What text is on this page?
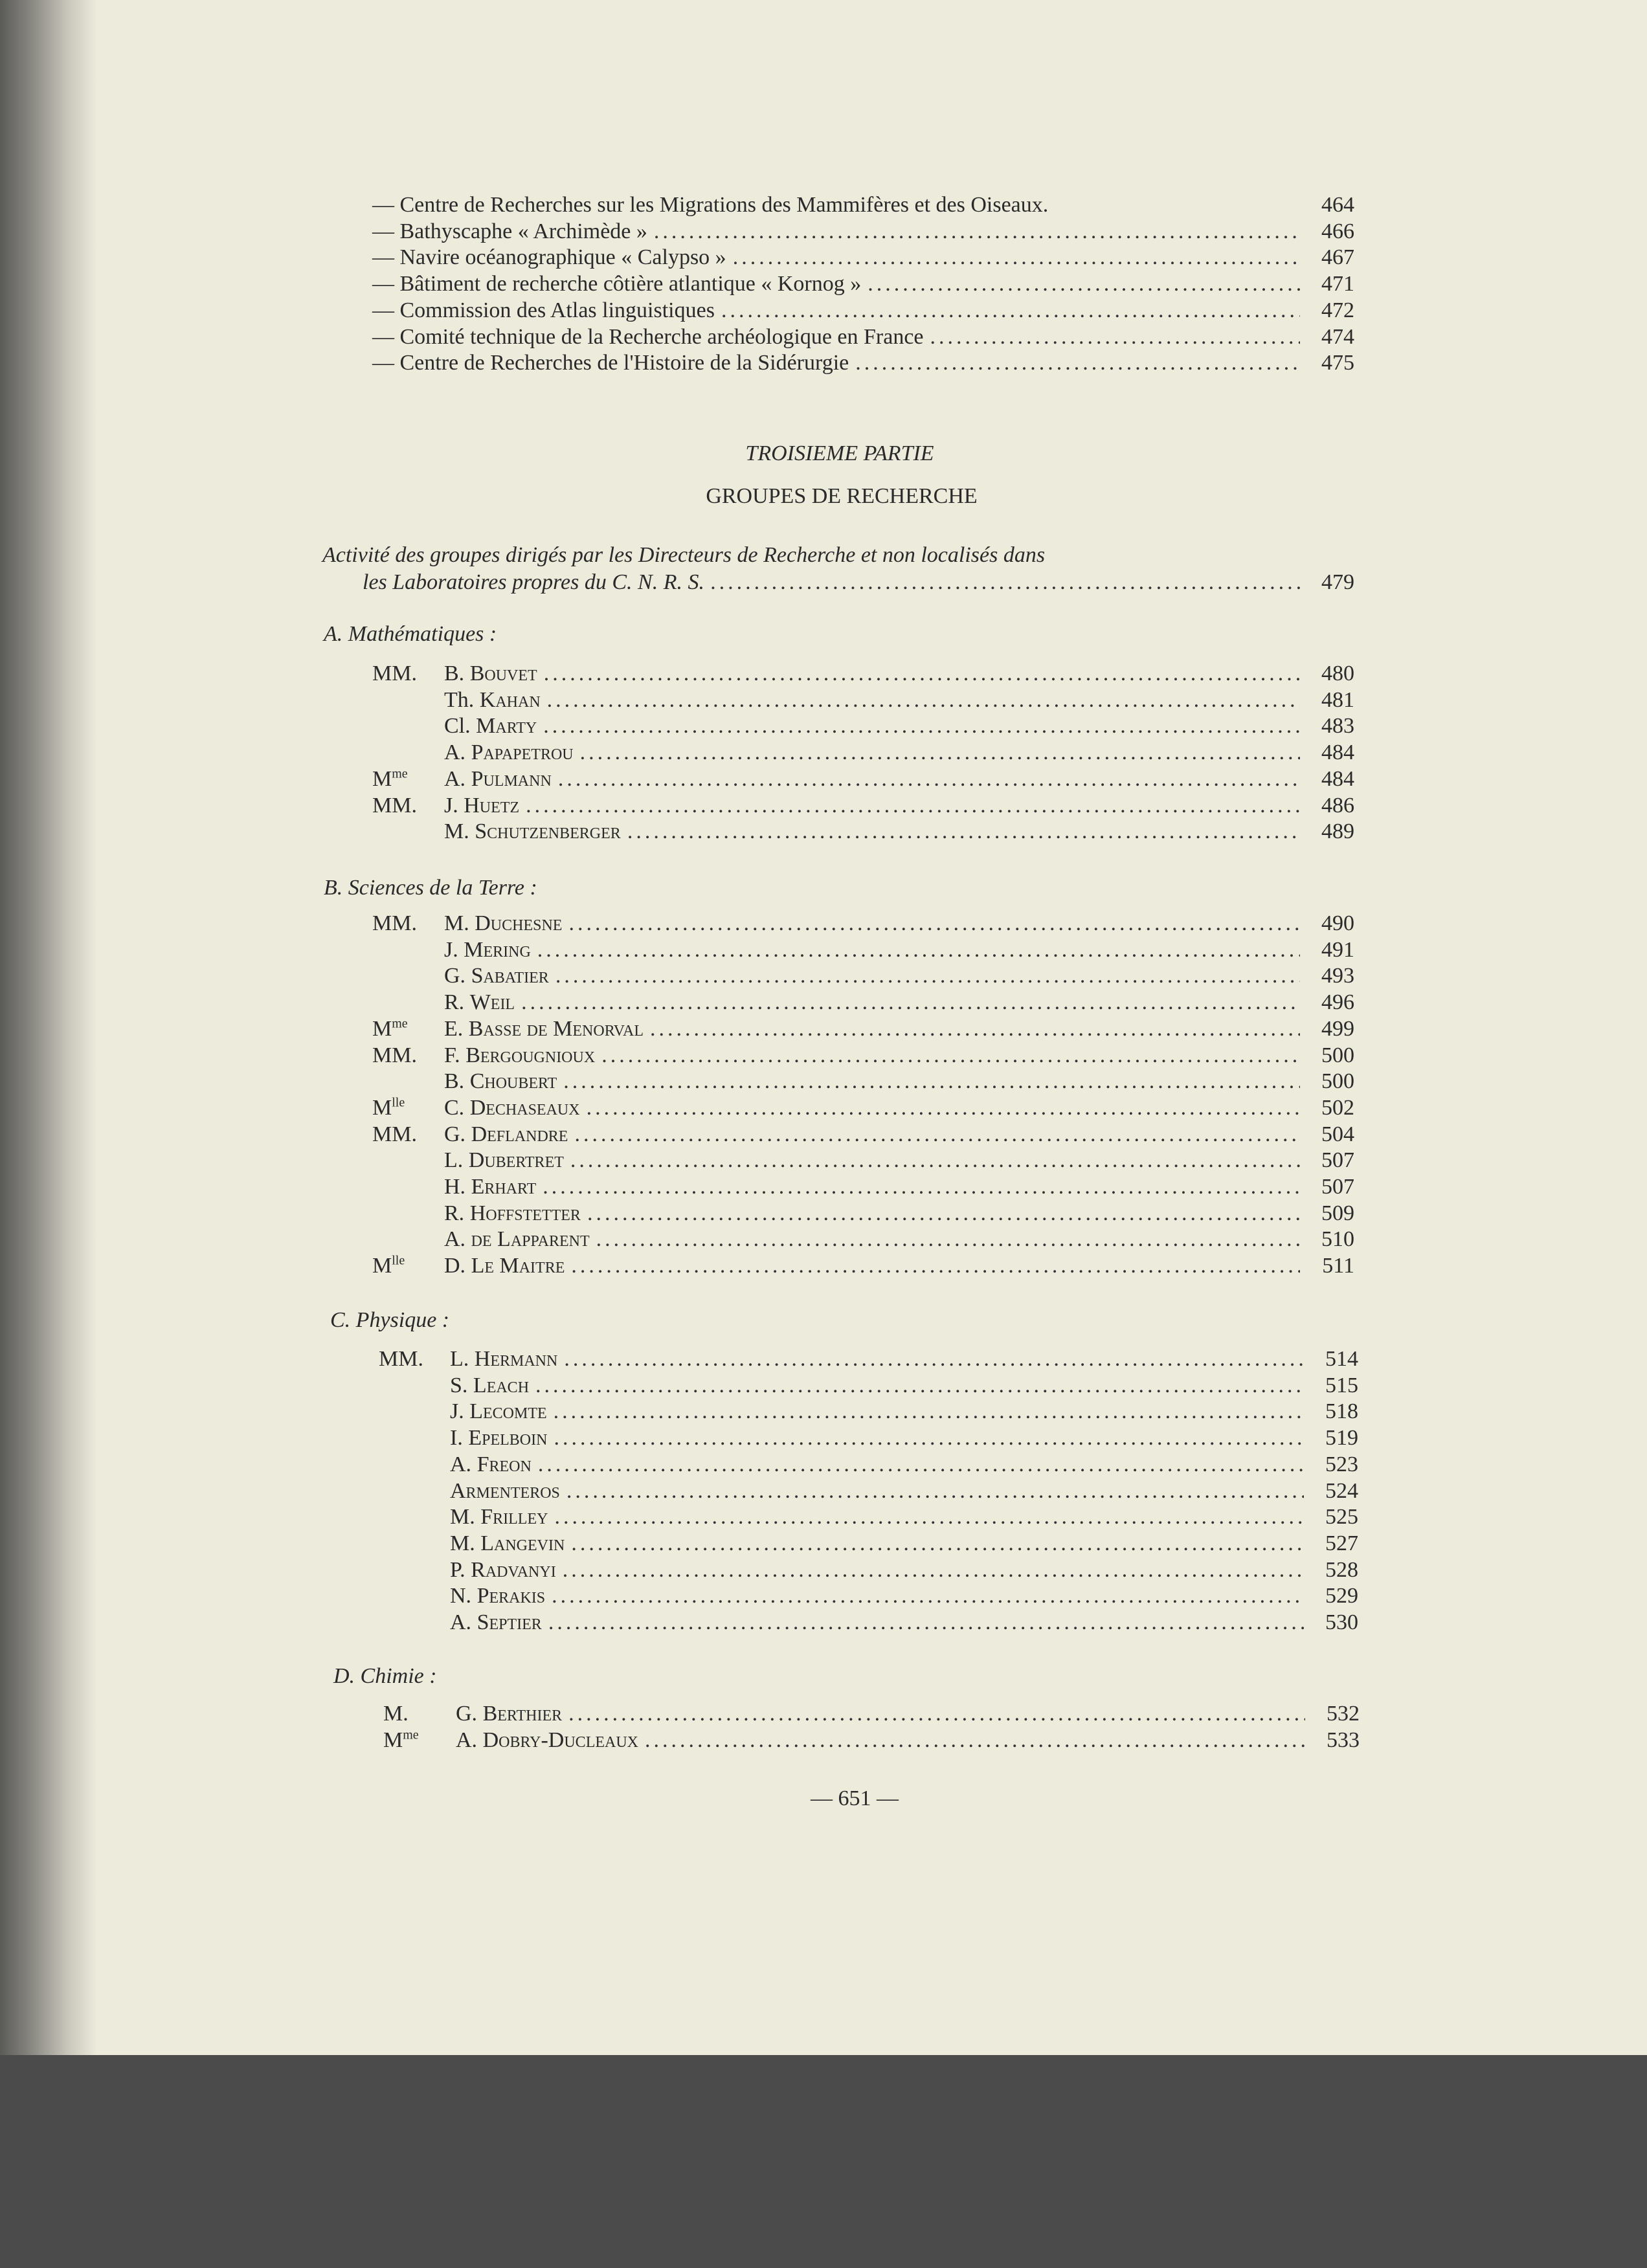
— Centre de Recherches sur les Migrations des Mammifères et des Oiseaux.	464
— Bathyscaphe « Archimède » .....	466
— Navire océanographique « Calypso » .....	467
— Bâtiment de recherche côtière atlantique « Kornog » .....	471
— Commission des Atlas linguistiques .....	472
— Comité technique de la Recherche archéologique en France .....	474
— Centre de Recherches de l'Histoire de la Sidérurgie .....	475
TROISIEME PARTIE
GROUPES DE RECHERCHE
Activité des groupes dirigés par les Directeurs de Recherche et non localisés dans
les Laboratoires propres du C. N. R. S. .....	479
A. Mathématiques :
MM.	B. Bouvet .....	480
Th. Kahan .....	481
Cl. Marty .....	483
A. Papapetrou .....	484
$M^{me}$	A. Pulmann .....	484
MM.	J. Huetz .....	486
M. Schutzenberger .....	489
B. Sciences de la Terre :
MM.	M. Duchesne .....	490
J. Mering .....	491
G. Sabatier .....	493
R. Weil .....	496
$M^{me}$	E. Basse de Menorval .....	499
MM.	F. Bergougnioux .....	500
B. Choubert .....	500
$M^{lle}$	C. Dechaseaux .....	502
MM.	G. Deflandre .....	504
L. Dubertret .....	507
H. Erhart .....	507
R. Hoffstetter .....	509
A. de Lapparent .....	510
$M^{lle}$	D. Le Maitre .....	511
C. Physique :
MM.	L. Hermann .....	514
S. Leach .....	515
J. Lecomte .....	518
I. Epelboin .....	519
A. Freon .....	523
Armenteros .....	524
M. Frilley .....	525
M. Langevin .....	527
P. Radvanyi .....	528
N. Perakis .....	529
A. Septier .....	530
D. Chimie :
M.	G. Berthier .....	532
$M^{me}$	A. Dobry-Ducleaux .....	533
— 651 —
